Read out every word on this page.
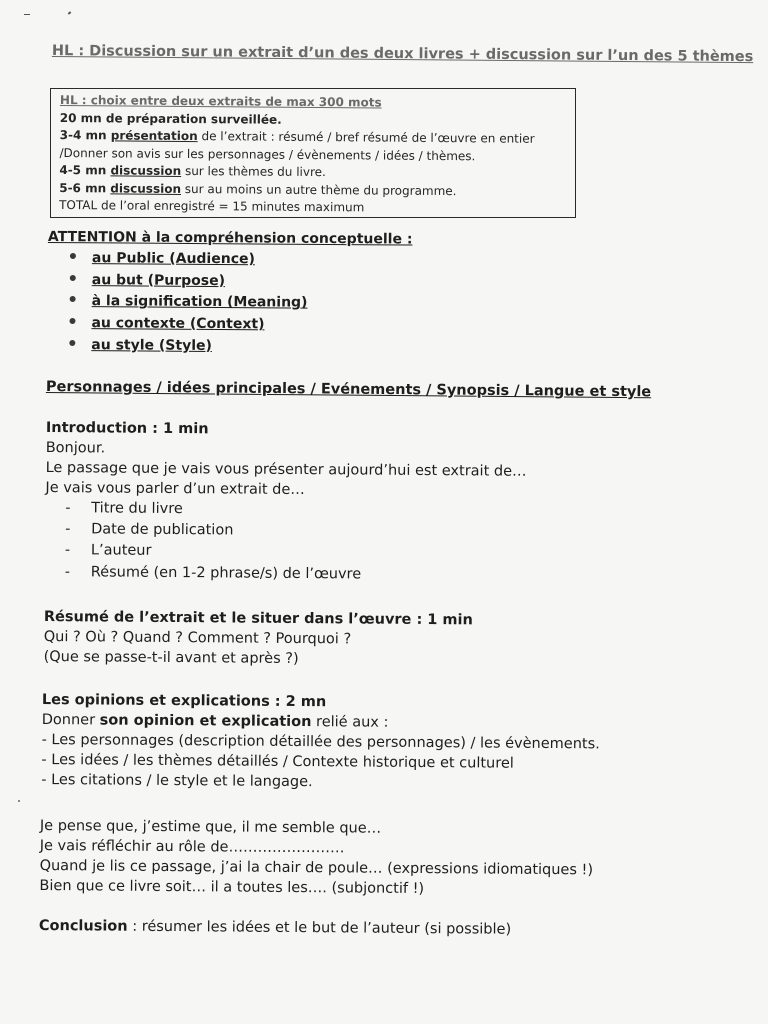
HL : Discussion sur un extrait d’un des deux livres + discussion sur l’un des 5 thèmes
HL : choix entre deux extraits de max 300 mots
20 mn de préparation surveillée.
3-4 mn présentation de l’extrait : résumé / bref résumé de l’œuvre en entier
/Donner son avis sur les personnages / évènements / idées / thèmes.
4-5 mn discussion sur les thèmes du livre.
5-6 mn discussion sur au moins un autre thème du programme.
TOTAL de l’oral enregistré = 15 minutes maximum
ATTENTION à la compréhension conceptuelle :
au Public (Audience)
au but (Purpose)
à la signification (Meaning)
au contexte (Context)
au style (Style)
Personnages / idées principales / Evénements / Synopsis / Langue et style
Introduction : 1 min
Bonjour.
Le passage que je vais vous présenter aujourd’hui est extrait de…
Je vais vous parler d’un extrait de…
- Titre du livre
- Date de publication
- L’auteur
- Résumé (en 1-2 phrase/s) de l’œuvre
Résumé de l’extrait et le situer dans l’œuvre : 1 min
Qui ? Où ? Quand ? Comment ? Pourquoi ?
(Que se passe-t-il avant et après ?)
Les opinions et explications : 2 mn
Donner son opinion et explication relié aux :
- Les personnages (description détaillée des personnages) / les évènements.
- Les idées / les thèmes détaillés / Contexte historique et culturel
- Les citations / le style et le langage.
Je pense que, j’estime que, il me semble que…
Je vais réfléchir au rôle de……………………
Quand je lis ce passage, j’ai la chair de poule… (expressions idiomatiques !)
Bien que ce livre soit… il a toutes les…. (subjonctif !)
Conclusion : résumer les idées et le but de l’auteur (si possible)
